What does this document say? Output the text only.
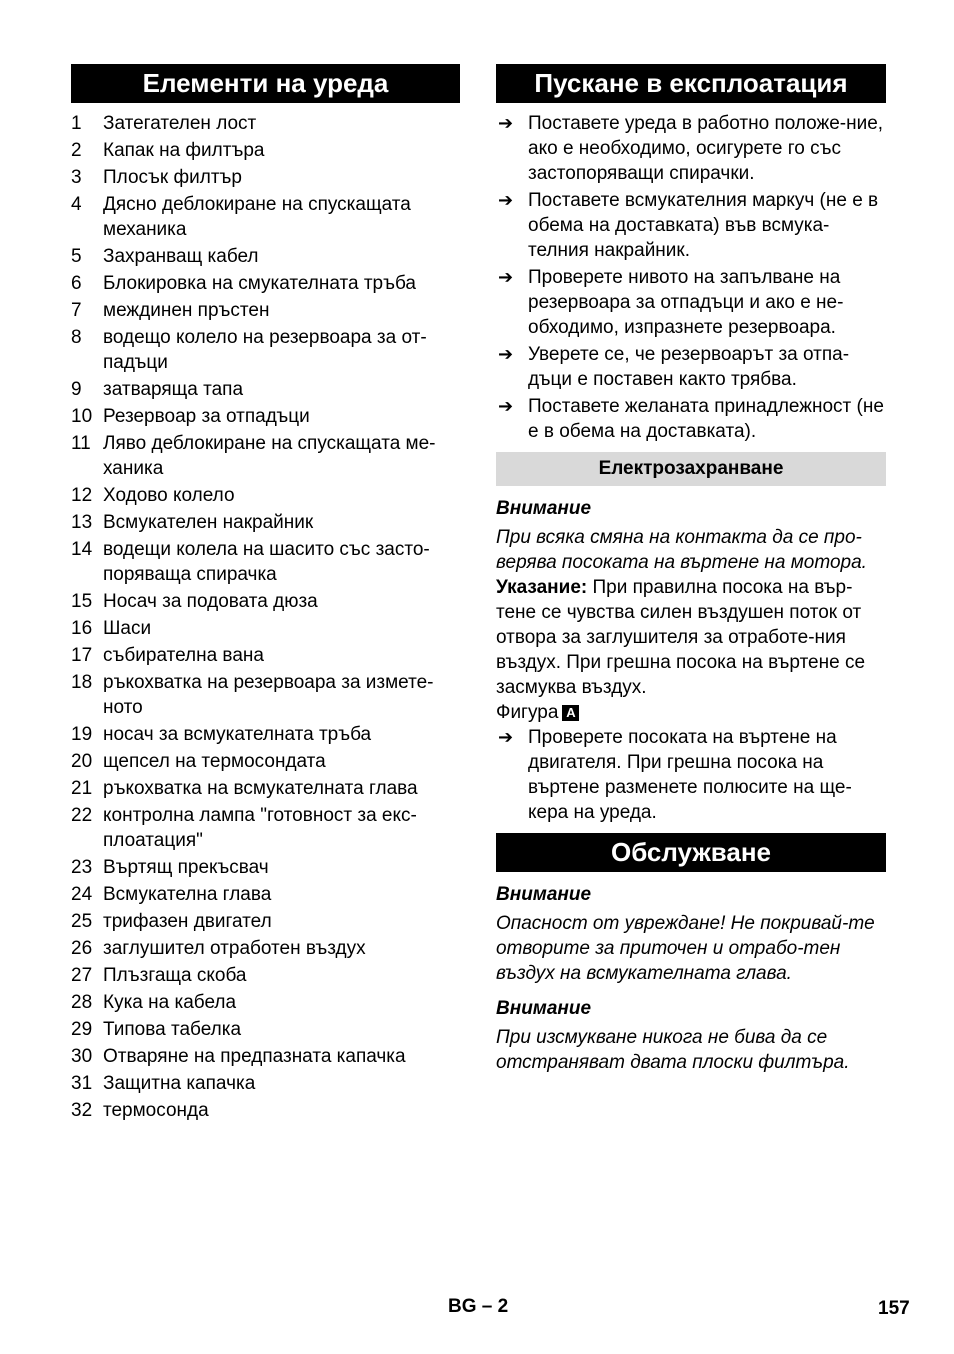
Елементи на уреда
1 Затегателен лост
2 Капак на филтъра
3 Плосък филтър
4 Дясно деблокиране на спускащата механика
5 Захранващ кабел
6 Блокировка на смукателната тръба
7 междинен пръстен
8 водещо колело на резервоара за от-падъци
9 затваряща тапа
10 Резервоар за отпадъци
11 Ляво деблокиране на спускащата ме-ханика
12 Ходово колело
13 Всмукателен накрайник
14 водещи колела на шасито със засто-поряваща спирачка
15 Носач за подовата дюза
16 Шаси
17 събирателна вана
18 ръкохватка на резервоара за измете-ното
19 носач за всмукателната тръба
20 щепсел на термосондата
21 ръкохватка на всмукателната глава
22 контролна лампа "готовност за екс-плоатация"
23 Въртящ прекъсвач
24 Всмукателна глава
25 трифазен двигател
26 заглушител отработен въздух
27 Плъзгаща скоба
28 Кука на кабела
29 Типова табелка
30 Отваряне на предпазната капачка
31 Защитна капачка
32 термосонда
Пускане в експлоатация
➔ Поставете уреда в работно положе-ние, ако е необходимо, осигурете го със застопоряващи спирачки.
➔ Поставете всмукателния маркуч (не е в обема на доставката) във всмука-телния накрайник.
➔ Проверете нивото на запълване на резервоара за отпадъци и ако е не-обходимо, изпразнете резервоара.
➔ Уверете се, че резервоарът за отпа-дъци е поставен както трябва.
➔ Поставете желаната принадлежност (не е в обема на доставката).
Електрозахранване

Внимание

При всяка смяна на контакта да се про-верява посоката на въртене на мотора.

Указание: При правилна посока на вър-тене се чувства силен въздушен поток от отвора за заглушителя за отработе-ния въздух. При грешна посока на въртене се засмуква въздух.

Фигура A

➔ Проверете посоката на въртене на двигателя. При грешна посока на въртене разменете полюсите на ще-кера на уреда.
Обслужване

Внимание

Опасност от увреждане! Не покривай-те отворите за приточен и отрабо-тен въздух на всмукателната глава.

Внимание

При изсмукване никога не бива да се отстраняват двата плоски филтъра.

BG – 2	157
